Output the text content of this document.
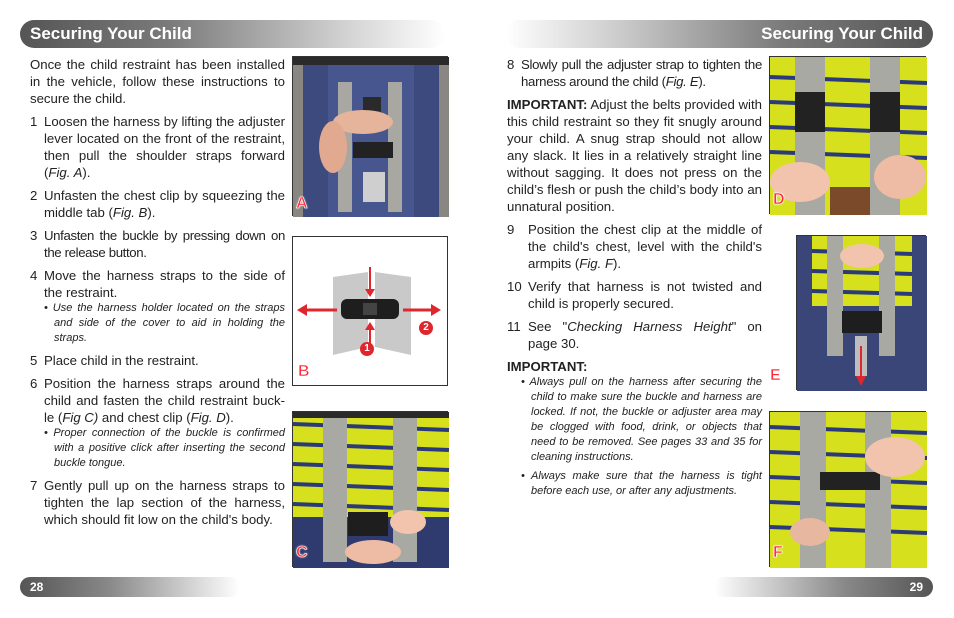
Securing Your Child

Once the child restraint has been installed in the vehicle, follow these instructions to secure the child.

1 Loosen the harness by lifting the adjuster lever located on the front of the restraint, then pull the shoulder straps forward (Fig. A).
2 Unfasten the chest clip by squeezing the middle tab (Fig. B).
3 Unfasten the buckle by pressing down on the release button.
4 Move the harness straps to the side of the restraint.

• Use the harness holder located on the straps and side of the cover to aid in holding the straps.

5 Place child in the restraint.
6 Position the harness straps around the child and fasten the child restraint buck-le (Fig C) and chest clip (Fig. D).

• Proper connection of the buckle is confirmed with a positive click after inserting the second buckle tongue.

7 Gently pull up on the harness straps to tighten the lap section of the harness, which should fit low on the child's body.
A
1
2
B
C
28
Securing Your Child
8 Slowly pull the adjuster strap to tighten the harness around the child (Fig. E).

IMPORTANT: Adjust the belts provided with this child restraint so they fit snugly around your child. A snug strap should not allow any slack. It lies in a relatively straight line without sagging. It does not press on the child’s flesh or push the child’s body into an unnatural position.

9	Position the chest clip at the middle of the child's chest, level with the child's armpits (Fig. F).
10 Verify that harness is not twisted and child is properly secured.
11 See "Checking Harness Height" on page 30.

IMPORTANT:

• Always pull on the harness after securing the child to make sure the buckle and harness are locked. If not, the buckle or adjuster area may be clogged with food, drink, or objects that need to be removed. See pages 33 and 35 for cleaning instructions.

• Always make sure that the harness is tight before each use, or after any adjustments.

D
E
F
29
